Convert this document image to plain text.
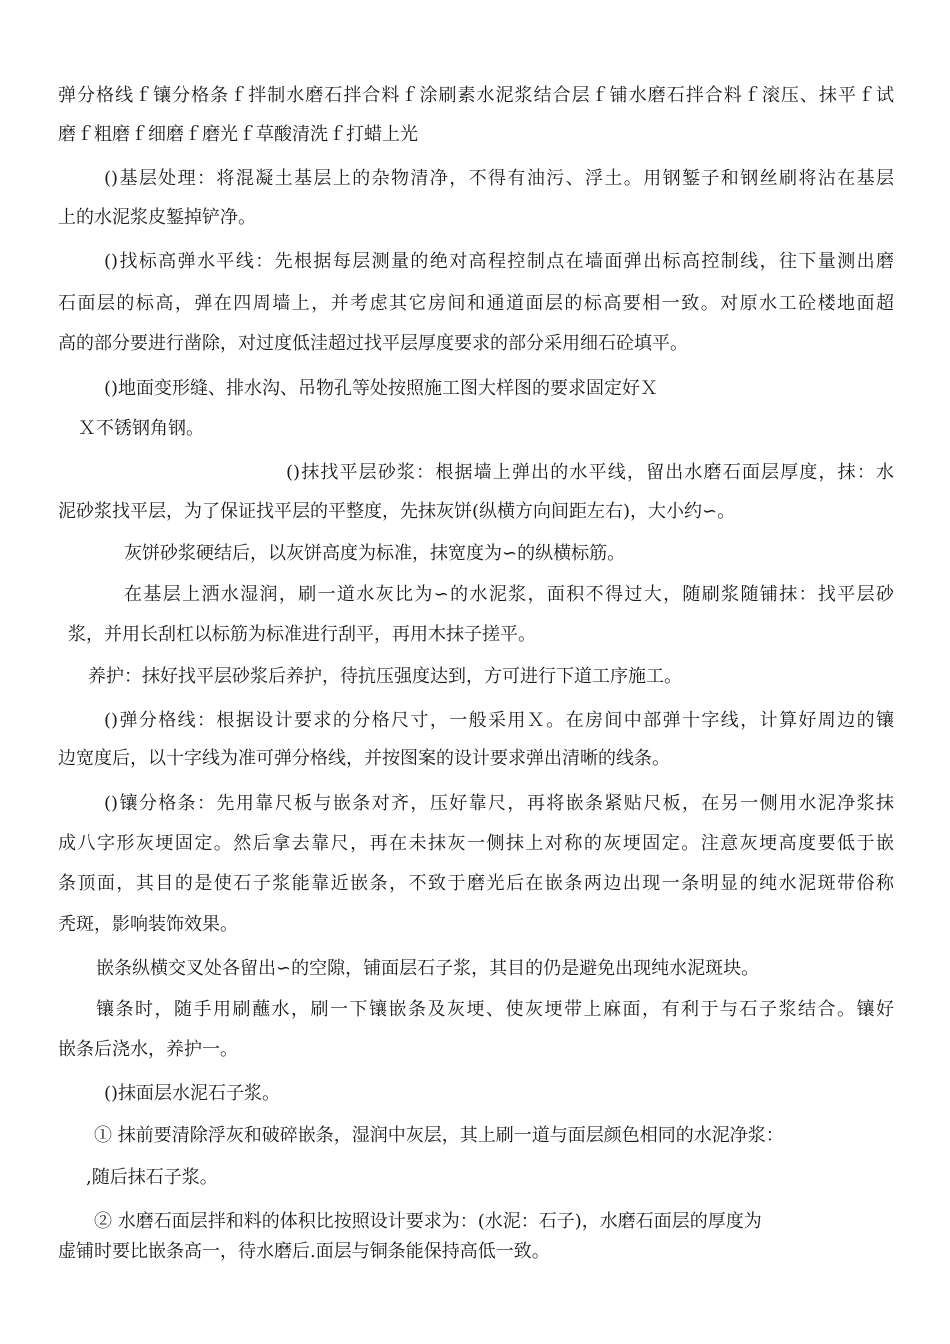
弹分格线ｆ镶分格条ｆ拌制水磨石拌合料ｆ涂刷素水泥浆结合层ｆ铺水磨石拌合料ｆ滚压、抹平ｆ试

磨ｆ粗磨ｆ细磨ｆ磨光ｆ草酸清洗ｆ打蜡上光

()基层处理：将混凝土基层上的杂物清净，不得有油污、浮土。用钢錾子和钢丝刷将沾在基层

上的水泥浆皮錾掉铲净。

()找标高弹水平线：先根据每层测量的绝对高程控制点在墙面弹出标高控制线，往下量测出磨

石面层的标高，弹在四周墙上，并考虑其它房间和通道面层的标高要相一致。对原水工砼楼地面超

高的部分要进行凿除，对过度低洼超过找平层厚度要求的部分采用细石砼填平。

()地面变形缝、排水沟、吊物孔等处按照施工图大样图的要求固定好Ｘ

Ｘ不锈钢角钢。

()抹找平层砂浆：根据墙上弹出的水平线，留出水磨石面层厚度，抹：水

泥砂浆找平层，为了保证找平层的平整度，先抹灰饼(纵横方向间距左右)，大小约∽。

灰饼砂浆硬结后，以灰饼高度为标准，抹宽度为∽的纵横标筋。

在基层上洒水湿润，刷一道水灰比为∽的水泥浆，面积不得过大，随刷浆随铺抹：找平层砂

浆，并用长刮杠以标筋为标准进行刮平，再用木抹子搓平。

养护：抹好找平层砂浆后养护，待抗压强度达到，方可进行下道工序施工。

()弹分格线：根据设计要求的分格尺寸，一般采用Ｘ。在房间中部弹十字线，计算好周边的镶

边宽度后，以十字线为准可弹分格线，并按图案的设计要求弹出清晰的线条。

()镶分格条：先用靠尺板与嵌条对齐，压好靠尺，再将嵌条紧贴尺板，在另一侧用水泥净浆抹

成八字形灰埂固定。然后拿去靠尺，再在未抹灰一侧抹上对称的灰埂固定。注意灰埂高度要低于嵌

条顶面，其目的是使石子浆能靠近嵌条，不致于磨光后在嵌条两边出现一条明显的纯水泥斑带俗称

秃斑，影响装饰效果。

嵌条纵横交叉处各留出∽的空隙，铺面层石子浆，其目的仍是避免出现纯水泥斑块。

镶条时，随手用刷蘸水，刷一下镶嵌条及灰埂、使灰埂带上麻面，有利于与石子浆结合。镶好

嵌条后浇水，养护一。

()抹面层水泥石子浆。

① 抹前要清除浮灰和破碎嵌条，湿润中灰层，其上刷一道与面层颜色相同的水泥净浆：

,随后抹石子浆。

② 水磨石面层拌和料的体积比按照设计要求为：(水泥：石子)，水磨石面层的厚度为

虚铺时要比嵌条高一，待水磨后.面层与铜条能保持高低一致。
